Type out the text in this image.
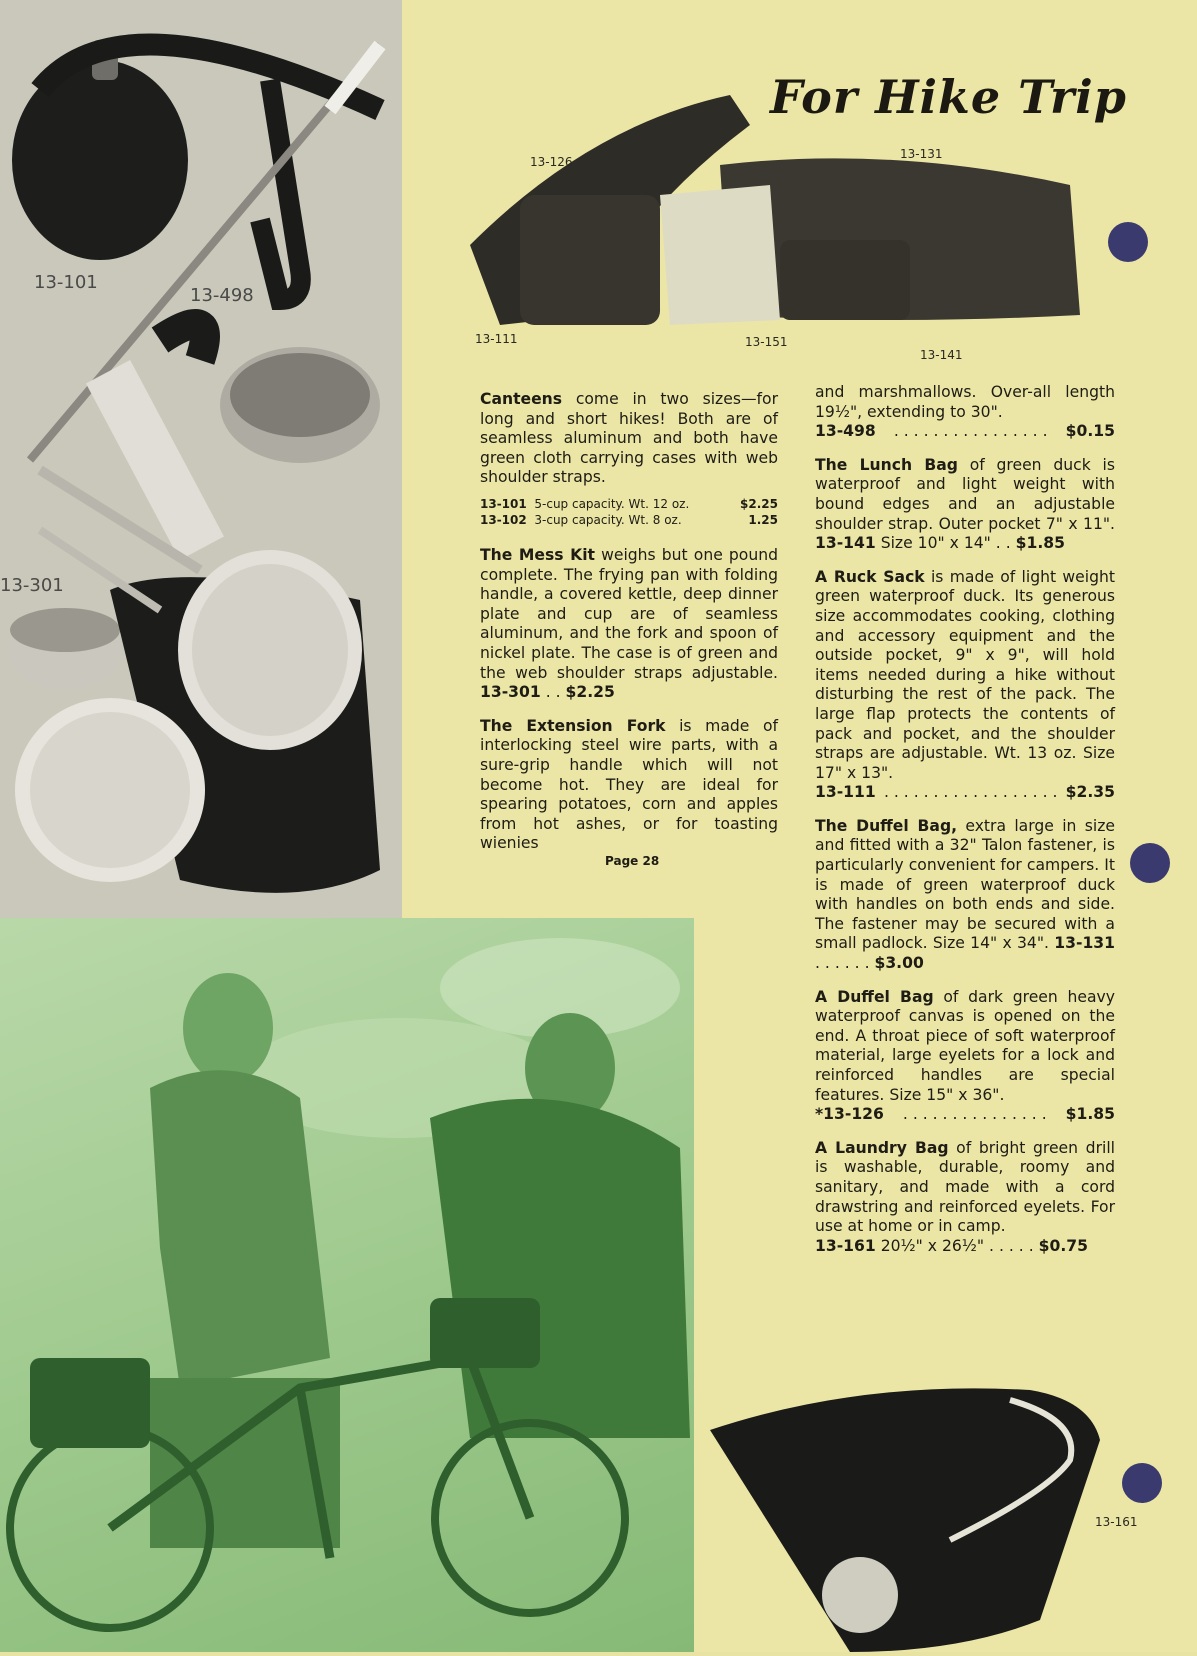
13-101
13-498
13-301
13-126
13-131
13-111	13-151
13-141
13-161
For Hike Trip

Canteens come in two sizes—for long and short hikes! Both are of seamless aluminum and both have green cloth carrying cases with web shoulder straps.

13-101 5-cup capacity. Wt. 12 oz.	$2.25
13-102 3-cup capacity. Wt. 8 oz.	1.25

The Mess Kit weighs but one pound complete. The frying pan with folding handle, a covered kettle, deep dinner plate and cup are of seamless aluminum, and the fork and spoon of nickel plate. The case is of green and the web shoulder straps adjustable. 13-301 . . $2.25

The Extension Fork is made of interlocking steel wire parts, with a sure-grip handle which will not become hot. They are ideal for spearing potatoes, corn and apples from hot ashes, or for toasting wienies

Page 28

and marshmallows. Over-all length 19½", extending to 30".

13-498 . . . . . . . . . . . . . . . . $0.15

The Lunch Bag of green duck is waterproof and light weight with bound edges and an adjustable shoulder strap. Outer pocket 7" x 11". 13-141 Size 10" x 14" . . $1.85

A Ruck Sack is made of light weight green waterproof duck. Its generous size accommodates cooking, clothing and accessory equipment and the outside pocket, 9" x 9", will hold items needed during a hike without disturbing the rest of the pack. The large flap protects the contents of pack and pocket, and the shoulder straps are adjustable. Wt. 13 oz. Size 17" x 13".

13-111 . . . . . . . . . . . . . . . . . . $2.35

The Duffel Bag, extra large in size and fitted with a 32" Talon fastener, is particularly convenient for campers. It is made of green waterproof duck with handles on both ends and side. The fastener may be secured with a small padlock. Size 14" x 34". 13-131 . . . . . . $3.00

A Duffel Bag of dark green heavy waterproof canvas is opened on the end. A throat piece of soft waterproof material, large eyelets for a lock and reinforced handles are special features. Size 15" x 36".

*13-126 . . . . . . . . . . . . . . . $1.85

A Laundry Bag of bright green drill is washable, durable, roomy and sanitary, and made with a cord drawstring and reinforced eyelets. For use at home or in camp.
13-161 20½" x 26½" . . . . . $0.75
